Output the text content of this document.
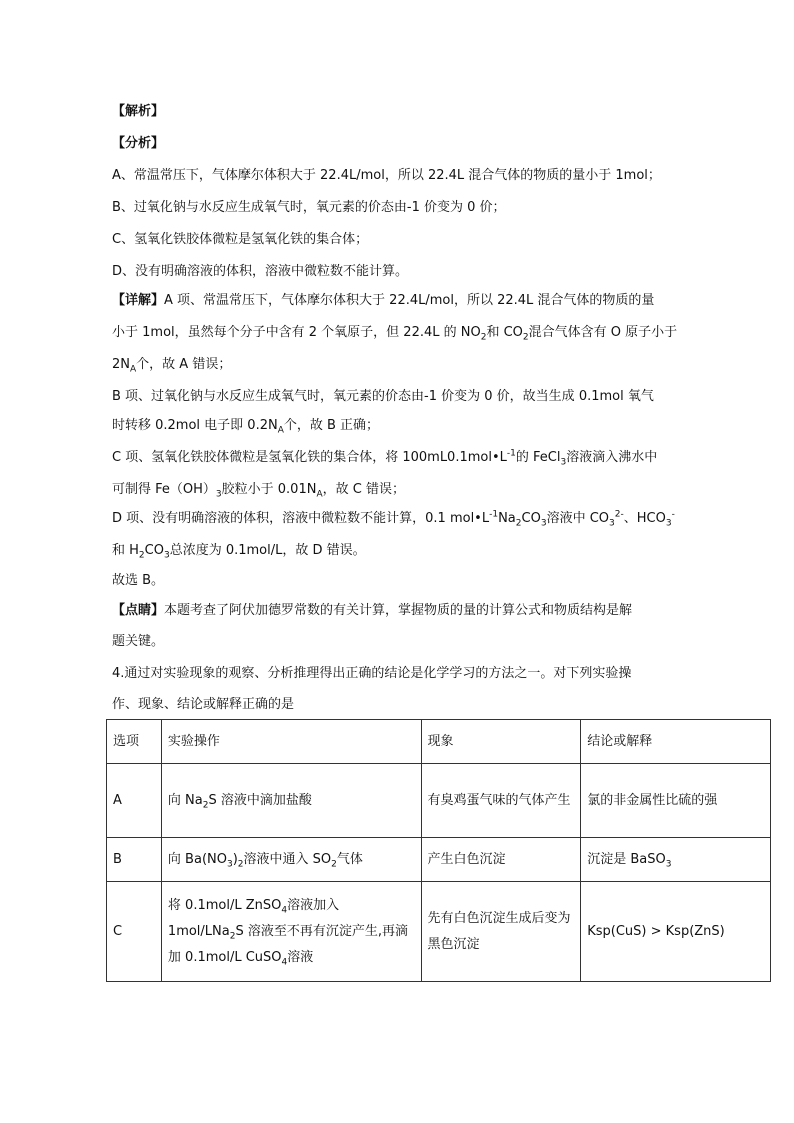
【解析】
【分析】
A、常温常压下，气体摩尔体积大于 22.4L/mol，所以 22.4L 混合气体的物质的量小于 1mol；
B、过氧化钠与水反应生成氧气时，氧元素的价态由-1 价变为 0 价；
C、氢氧化铁胶体微粒是氢氧化铁的集合体；
D、没有明确溶液的体积，溶液中微粒数不能计算。
【详解】A 项、常温常压下，气体摩尔体积大于 22.4L/mol，所以 22.4L 混合气体的物质的量
小于 1mol，虽然每个分子中含有 2 个氧原子，但 22.4L 的 $NO_2$和 $CO_2$混合气体含有 O 原子小于
$2N_A$个，故 A 错误；
B 项、过氧化钠与水反应生成氧气时，氧元素的价态由-1 价变为 0 价，故当生成 0.1mol 氧气
时转移 0.2mol 电子即 $0.2N_A$个，故 B 正确；
C 项、氢氧化铁胶体微粒是氢氧化铁的集合体，将 $100mL0.1mol•L^{-1}$的 FeCl$_3$溶液滴入沸水中
可制得 $Fe(OH)_3$胶粒小于 $0.01N_A$，故 C 错误；
D 项、没有明确溶液的体积，溶液中微粒数不能计算，0.1 $mol•L^{-1}Na_2CO_3$溶液中 $CO_3^{2-}$、$HCO_3^-$
和 $H_2CO_3$总浓度为 0.1mol/L，故 D 错误。
故选 B。
【点睛】本题考查了阿伏加德罗常数的有关计算，掌握物质的量的计算公式和物质结构是解
题关键。
4.通过对实验现象的观察、分析推理得出正确的结论是化学学习的方法之一。对下列实验操
作、现象、结论或解释正确的是
选项	实验操作	现象	结论或解释
A	向 $Na_2S$ 溶液中滴加盐酸	有臭鸡蛋气味的气体产生	氯的非金属性比硫的强
B	向 $Ba(NO_3)_2$溶液中通入 $SO_2$气体	产生白色沉淀	沉淀是 BaSO$_3$
C	将 0.1mol/L ZnSO$_4$溶液加入 1mol/LNa$_2$S 溶液至不再有沉淀产生,再滴加 0.1mol/L CuSO$_4$溶液	先有白色沉淀生成后变为黑色沉淀	Ksp(CuS) > Ksp(ZnS)
